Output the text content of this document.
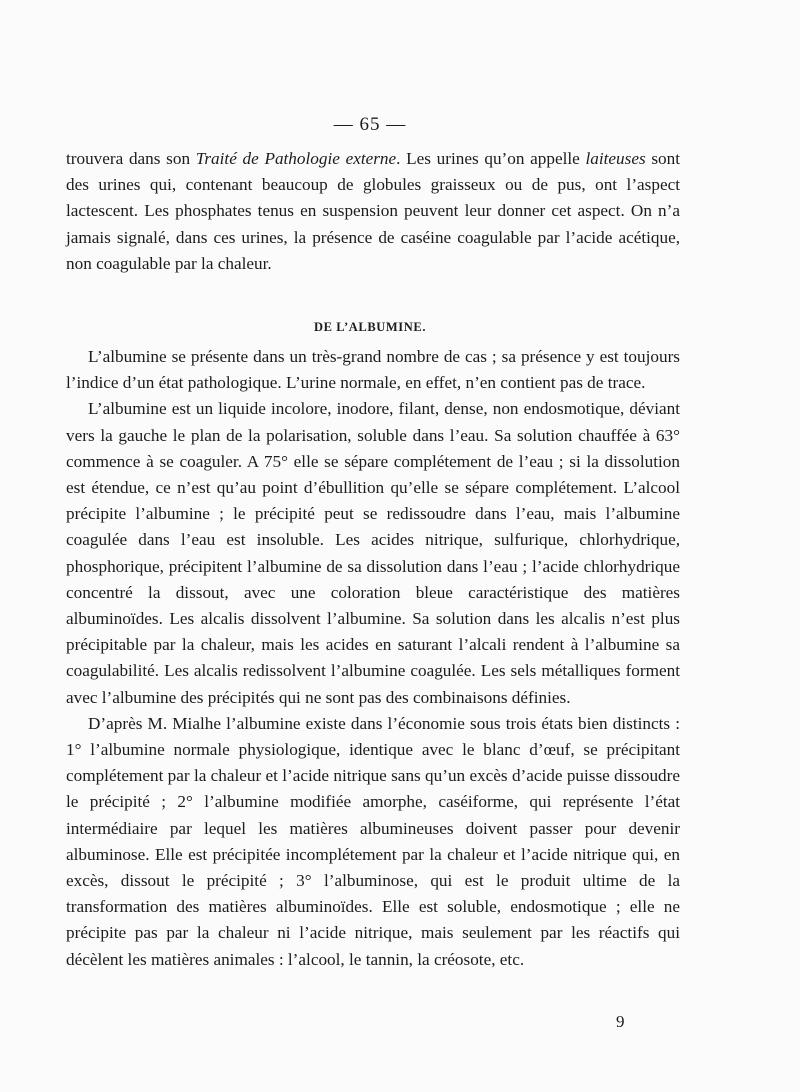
— 65 —

trouvera dans son Traité de Pathologie externe. Les urines qu’on appelle laiteuses sont des urines qui, contenant beaucoup de globules graisseux ou de pus, ont l’aspect lactescent. Les phosphates tenus en suspension peuvent leur donner cet aspect. On n’a jamais signalé, dans ces urines, la présence de caséine coagulable par l’acide acétique, non coagulable par la chaleur.

DE L’ALBUMINE.

L’albumine se présente dans un très-grand nombre de cas ; sa présence y est toujours l’indice d’un état pathologique. L’urine normale, en effet, n’en contient pas de trace.

L’albumine est un liquide incolore, inodore, filant, dense, non endosmotique, déviant vers la gauche le plan de la polarisation, soluble dans l’eau. Sa solution chauffée à 63° commence à se coaguler. A 75° elle se sépare complétement de l’eau ; si la dissolution est étendue, ce n’est qu’au point d’ébullition qu’elle se sépare complétement. L’alcool précipite l’albumine ; le précipité peut se redissoudre dans l’eau, mais l’albumine coagulée dans l’eau est insoluble. Les acides nitrique, sulfurique, chlorhydrique, phosphorique, précipitent l’albumine de sa dissolution dans l’eau ; l’acide chlorhydrique concentré la dissout, avec une coloration bleue caractéristique des matières albuminoïdes. Les alcalis dissolvent l’albumine. Sa solution dans les alcalis n’est plus précipitable par la chaleur, mais les acides en saturant l’alcali rendent à l’albumine sa coagulabilité. Les alcalis redissolvent l’albumine coagulée. Les sels métalliques forment avec l’albumine des précipités qui ne sont pas des combinaisons définies.

D’après M. Mialhe l’albumine existe dans l’économie sous trois états bien distincts : 1° l’albumine normale physiologique, identique avec le blanc d’œuf, se précipitant complétement par la chaleur et l’acide nitrique sans qu’un excès d’acide puisse dissoudre le précipité ; 2° l’albumine modifiée amorphe, caséiforme, qui représente l’état intermédiaire par lequel les matières albumineuses doivent passer pour devenir albuminose. Elle est précipitée incomplétement par la chaleur et l’acide nitrique qui, en excès, dissout le précipité ; 3° l’albuminose, qui est le produit ultime de la transformation des matières albuminoïdes. Elle est soluble, endosmotique ; elle ne précipite pas par la chaleur ni l’acide nitrique, mais seulement par les réactifs qui décèlent les matières animales : l’alcool, le tannin, la créosote, etc.

9
